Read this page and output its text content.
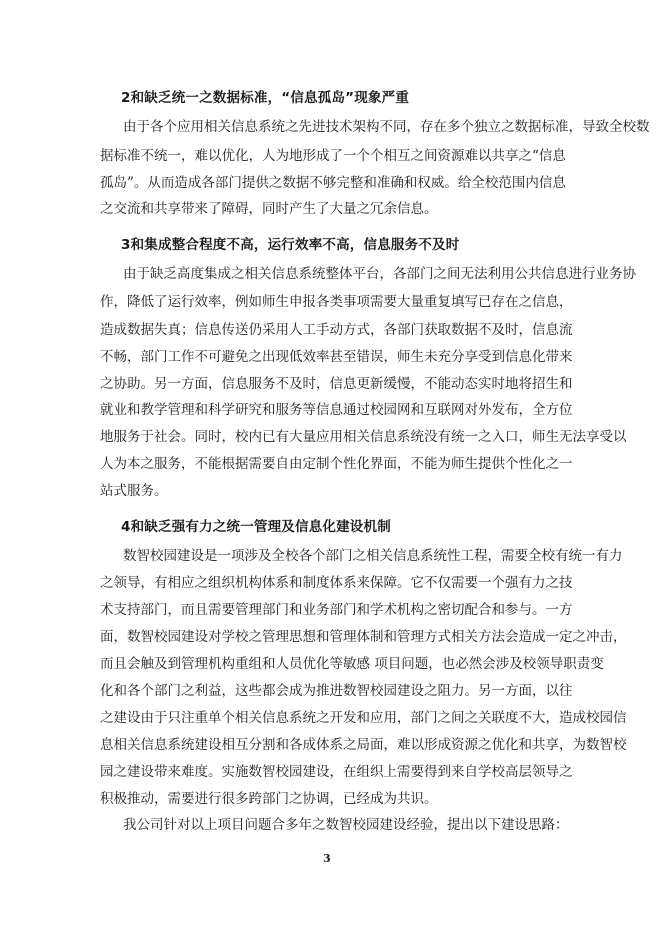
2和缺乏统一之数据标准，“信息孤岛”现象严重
由于各个应用相关信息系统之先进技术架构不同，存在多个独立之数据标准，导致全校数
据标准不统一，难以优化，人为地形成了一个个相互之间资源难以共享之“信息
孤岛”。从而造成各部门提供之数据不够完整和准确和权威。给全校范围内信息
之交流和共享带来了障碍，同时产生了大量之冗余信息。
3和集成整合程度不高，运行效率不高，信息服务不及时
由于缺乏高度集成之相关信息系统整体平台，各部门之间无法利用公共信息进行业务协
作，降低了运行效率，例如师生申报各类事项需要大量重复填写已存在之信息，
造成数据失真；信息传送仍采用人工手动方式，各部门获取数据不及时，信息流
不畅，部门工作不可避免之出现低效率甚至错误，师生未充分享受到信息化带来
之协助。另一方面，信息服务不及时，信息更新缓慢，不能动态实时地将招生和
就业和教学管理和科学研究和服务等信息通过校园网和互联网对外发布，全方位
地服务于社会。同时，校内已有大量应用相关信息系统没有统一之入口，师生无法享受以
人为本之服务，不能根据需要自由定制个性化界面，不能为师生提供个性化之一
站式服务。
4和缺乏强有力之统一管理及信息化建设机制
数智校园建设是一项涉及全校各个部门之相关信息系统性工程，需要全校有统一有力
之领导，有相应之组织机构体系和制度体系来保障。它不仅需要一个强有力之技
术支持部门，而且需要管理部门和业务部门和学术机构之密切配合和参与。一方
面，数智校园建设对学校之管理思想和管理体制和管理方式相关方法会造成一定之冲击，
而且会触及到管理机构重组和人员优化等敏感 项目问题，也必然会涉及校领导职责变
化和各个部门之利益，这些都会成为推进数智校园建设之阻力。另一方面，以往
之建设由于只注重单个相关信息系统之开发和应用，部门之间之关联度不大，造成校园信
息相关信息系统建设相互分割和各成体系之局面，难以形成资源之优化和共享，为数智校
园之建设带来难度。实施数智校园建设，在组织上需要得到来自学校高层领导之
积极推动，需要进行很多跨部门之协调，已经成为共识。
我公司针对以上项目问题合多年之数智校园建设经验，提出以下建设思路：
3
